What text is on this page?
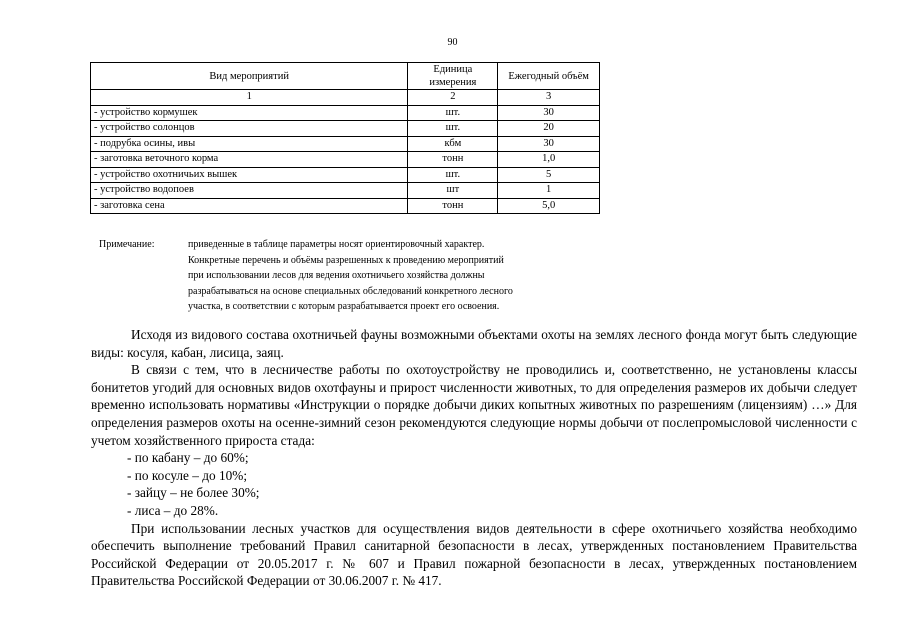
90
Вид мероприятий	Единица измерения	Ежегодный объём
1	2	3
- устройство кормушек	шт.	30
- устройство солонцов	шт.	20
- подрубка осины, ивы	кбм	30
- заготовка веточного корма	тонн	1,0
- устройство охотничьих вышек	шт.	5
- устройство водопоев	шт	1
- заготовка сена	тонн	5,0
Примечание:	приведенные в таблице параметры носят ориентировочный характер.
Конкретные перечень и объёмы разрешенных к проведению мероприятий
при использовании лесов для ведения охотничьего хозяйства должны
разрабатываться на основе специальных обследований конкретного лесного
участка, в соответствии с которым разрабатывается проект его освоения.

Исходя из видового состава охотничьей фауны возможными объектами охоты на землях лесного фонда могут быть следующие виды: косуля, кабан, лисица, заяц.

В связи с тем, что в лесничестве работы по охотоустройству не проводились и, соответственно, не установлены классы бонитетов угодий для основных видов охотфауны и прирост численности животных, то для определения размеров их добычи следует временно использовать нормативы «Инструкции о порядке добычи диких копытных животных по разрешениям (лицензиям) …» Для определения размеров охоты на осенне-зимний сезон рекомендуются следующие нормы добычи от послепромысловой численности с учетом хозяйственного прироста стада:

- по кабану – до 60%;

- по косуле – до 10%;

- зайцу – не более 30%;

- лиса – до 28%.

При использовании лесных участков для осуществления видов деятельности в сфере охотничьего хозяйства необходимо обеспечить выполнение требований Правил санитарной безопасности в лесах, утвержденных постановлением Правительства Российской Федерации от 20.05.2017 г. № 607 и Правил пожарной безопасности в лесах, утвержденных постановлением Правительства Российской Федерации от 30.06.2007 г. № 417.
